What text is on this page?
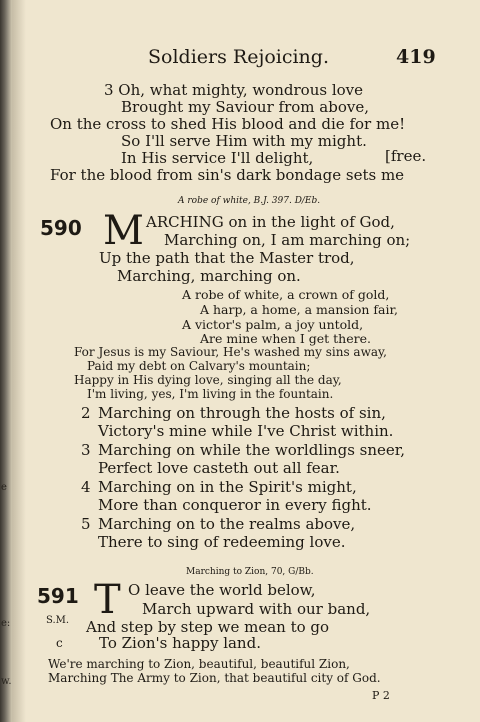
e
e:
w.
Soldiers Rejoicing.	419
3 Oh, what mighty, wondrous love
Brought my Saviour from above,
On the cross to shed His blood and die for me!
So I'll serve Him with my might.
In His service I'll delight,	[free.
For the blood from sin's dark bondage sets me
A robe of white, B.J. 397. D/Eb.
590 M ARCHING on in the light of God,
Marching on, I am marching on;
Up the path that the Master trod,
Marching, marching on.
A robe of white, a crown of gold,
A harp, a home, a mansion fair,
A victor's palm, a joy untold,
Are mine when I get there.
For Jesus is my Saviour, He's washed my sins away,
Paid my debt on Calvary's mountain;
Happy in His dying love, singing all the day,
I'm living, yes, I'm living in the fountain.
2 Marching on through the hosts of sin,
Victory's mine while I've Christ within.
3 Marching on while the worldlings sneer,
Perfect love casteth out all fear.
4 Marching on in the Spirit's might,
More than conqueror in every fight.
5 Marching on to the realms above,
There to sing of redeeming love.
Marching to Zion, 70, G/Bb.
591 T O leave the world below,
March upward with our band,
S.M. And step by step we mean to go
c To Zion's happy land.
We're marching to Zion, beautiful, beautiful Zion,
Marching The Army to Zion, that beautiful city of God.
P 2
